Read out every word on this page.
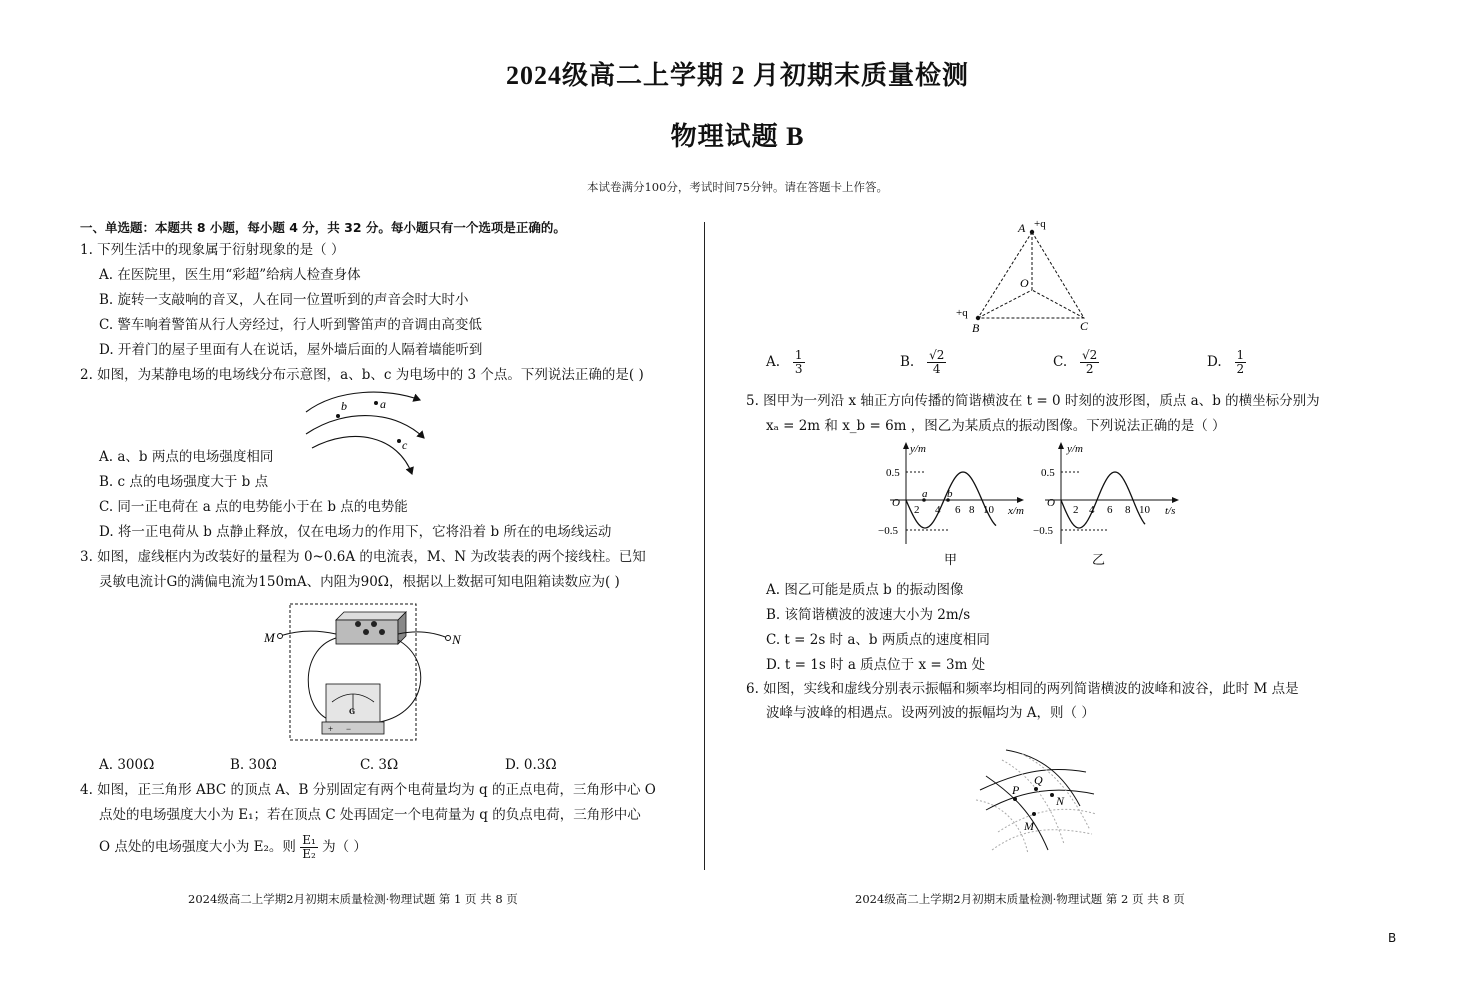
2024级高二上学期 2 月初期末质量检测
物理试题 B
本试卷满分100分，考试时间75分钟。请在答题卡上作答。
一、单选题：本题共 8 小题，每小题 4 分，共 32 分。每小题只有一个选项是正确的。
1. 下列生活中的现象属于衍射现象的是（ ）
A. 在医院里，医生用“彩超”给病人检查身体
B. 旋转一支敲响的音叉，人在同一位置听到的声音会时大时小
C. 警车响着警笛从行人旁经过，行人听到警笛声的音调由高变低
D. 开着门的屋子里面有人在说话，屋外墙后面的人隔着墙能听到
2. 如图，为某静电场的电场线分布示意图，a、b、c 为电场中的 3 个点。下列说法正确的是( )
a
b
c
A. a、b 两点的电场强度相同
B. c 点的电场强度大于 b 点
C. 同一正电荷在 a 点的电势能小于在 b 点的电势能
D. 将一正电荷从 b 点静止释放，仅在电场力的作用下，它将沿着 b 所在的电场线运动
3. 如图，虚线框内为改装好的量程为 0~0.6A 的电流表，M、N 为改装表的两个接线柱。已知
灵敏电流计G的满偏电流为150mA、内阻为90Ω，根据以上数据可知电阻箱读数应为( )
M	N
G
+ −
A. 300Ω	B. 30Ω	C. 3Ω	D. 0.3Ω
4. 如图，正三角形 ABC 的顶点 A、B 分别固定有两个电荷量均为 q 的正点电荷，三角形中心 O
点处的电场强度大小为 E₁；若在顶点 C 处再固定一个电荷量为 q 的负点电荷，三角形中心
O 点处的电场强度大小为 E₂。则 $\frac{\text{E₁}}{\text{E₂}}$ 为（ ）
A +q
O
+q
B	C
A. $\frac{1}{3}$	B. $\frac{√2}{4}$	C. $\frac{√2}{2}$	D. $\frac{1}{2}$
5. 图甲为一列沿 x 轴正方向传播的简谐横波在 t = 0 时刻的波形图，质点 a、b 的横坐标分别为
xₐ = 2m 和 x_b = 6m ，图乙为某质点的振动图像。下列说法正确的是（ ）
y/m
x/m
0.5
−0.5
O
2 4 6 8 10
a b
甲
y/m
t/s
0.5
−0.5
O
2 4 6 8 10
乙
A. 图乙可能是质点 b 的振动图像
B. 该简谐横波的波速大小为 2m/s
C. t = 2s 时 a、b 两质点的速度相同
D. t = 1s 时 a 质点位于 x = 3m 处
6. 如图，实线和虚线分别表示振幅和频率均相同的两列简谐横波的波峰和波谷，此时 M 点是
波峰与波峰的相遇点。设两列波的振幅均为 A，则（ ）
Q
P
N
M
2024级高二上学期2月初期末质量检测·物理试题 第 1 页 共 8 页	2024级高二上学期2月初期末质量检测·物理试题 第 2 页 共 8 页
B
